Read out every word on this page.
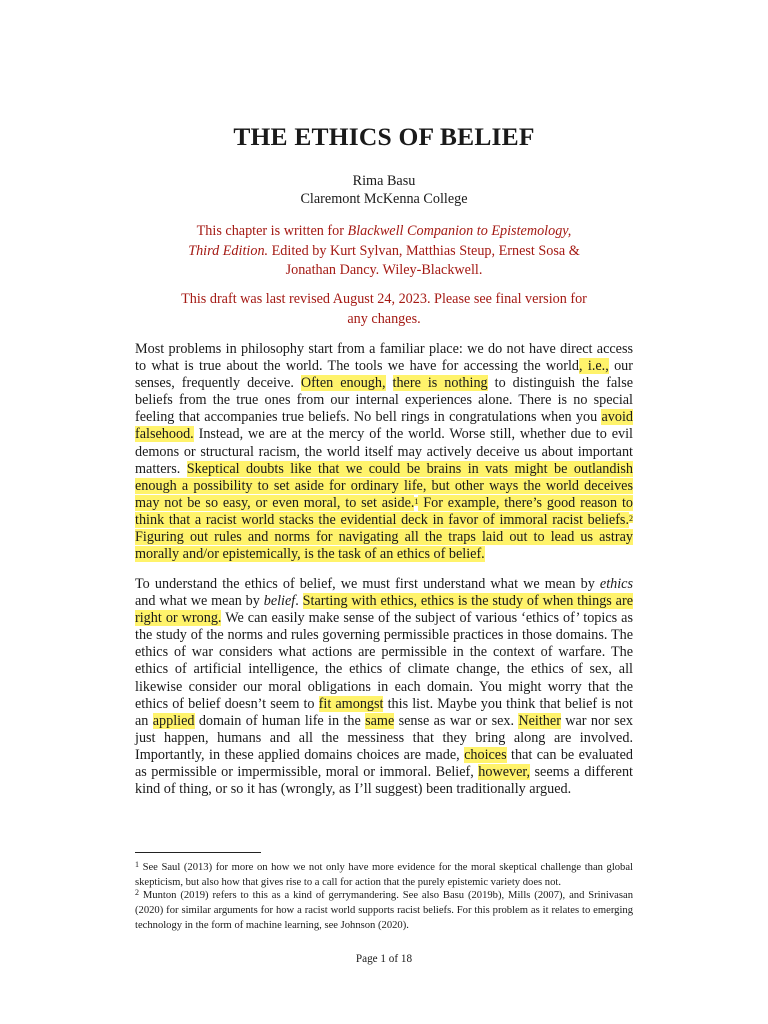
THE ETHICS OF BELIEF
Rima Basu
Claremont McKenna College
This chapter is written for Blackwell Companion to Epistemology, Third Edition. Edited by Kurt Sylvan, Matthias Steup, Ernest Sosa & Jonathan Dancy. Wiley-Blackwell.
This draft was last revised August 24, 2023. Please see final version for any changes.

Most problems in philosophy start from a familiar place: we do not have direct access to what is true about the world. The tools we have for accessing the world, i.e., our senses, frequently deceive. Often enough, there is nothing to distinguish the false beliefs from the true ones from our internal experiences alone. There is no special feeling that accompanies true beliefs. No bell rings in congratulations when you avoid falsehood. Instead, we are at the mercy of the world. Worse still, whether due to evil demons or structural racism, the world itself may actively deceive us about important matters. Skeptical doubts like that we could be brains in vats might be outlandish enough a possibility to set aside for ordinary life, but other ways the world deceives may not be so easy, or even moral, to set aside.$^1$ For example, there’s good reason to think that a racist world stacks the evidential deck in favor of immoral racist beliefs.$^2$ Figuring out rules and norms for navigating all the traps laid out to lead us astray morally and/or epistemically, is the task of an ethics of belief.

To understand the ethics of belief, we must first understand what we mean by ethics and what we mean by belief. Starting with ethics, ethics is the study of when things are right or wrong. We can easily make sense of the subject of various ‘ethics of’ topics as the study of the norms and rules governing permissible practices in those domains. The ethics of war considers what actions are permissible in the context of warfare. The ethics of artificial intelligence, the ethics of climate change, the ethics of sex, all likewise consider our moral obligations in each domain. You might worry that the ethics of belief doesn’t seem to fit amongst this list. Maybe you think that belief is not an applied domain of human life in the same sense as war or sex. Neither war nor sex just happen, humans and all the messiness that they bring along are involved. Importantly, in these applied domains choices are made, choices that can be evaluated as permissible or impermissible, moral or immoral. Belief, however, seems a different kind of thing, or so it has (wrongly, as I’ll suggest) been traditionally argued.

$^1$ See Saul (2013) for more on how we not only have more evidence for the moral skeptical challenge than global skepticism, but also how that gives rise to a call for action that the purely epistemic variety does not.

$^2$ Munton (2019) refers to this as a kind of gerrymandering. See also Basu (2019b), Mills (2007), and Srinivasan (2020) for similar arguments for how a racist world supports racist beliefs. For this problem as it relates to emerging technology in the form of machine learning, see Johnson (2020).

Page 1 of 18
